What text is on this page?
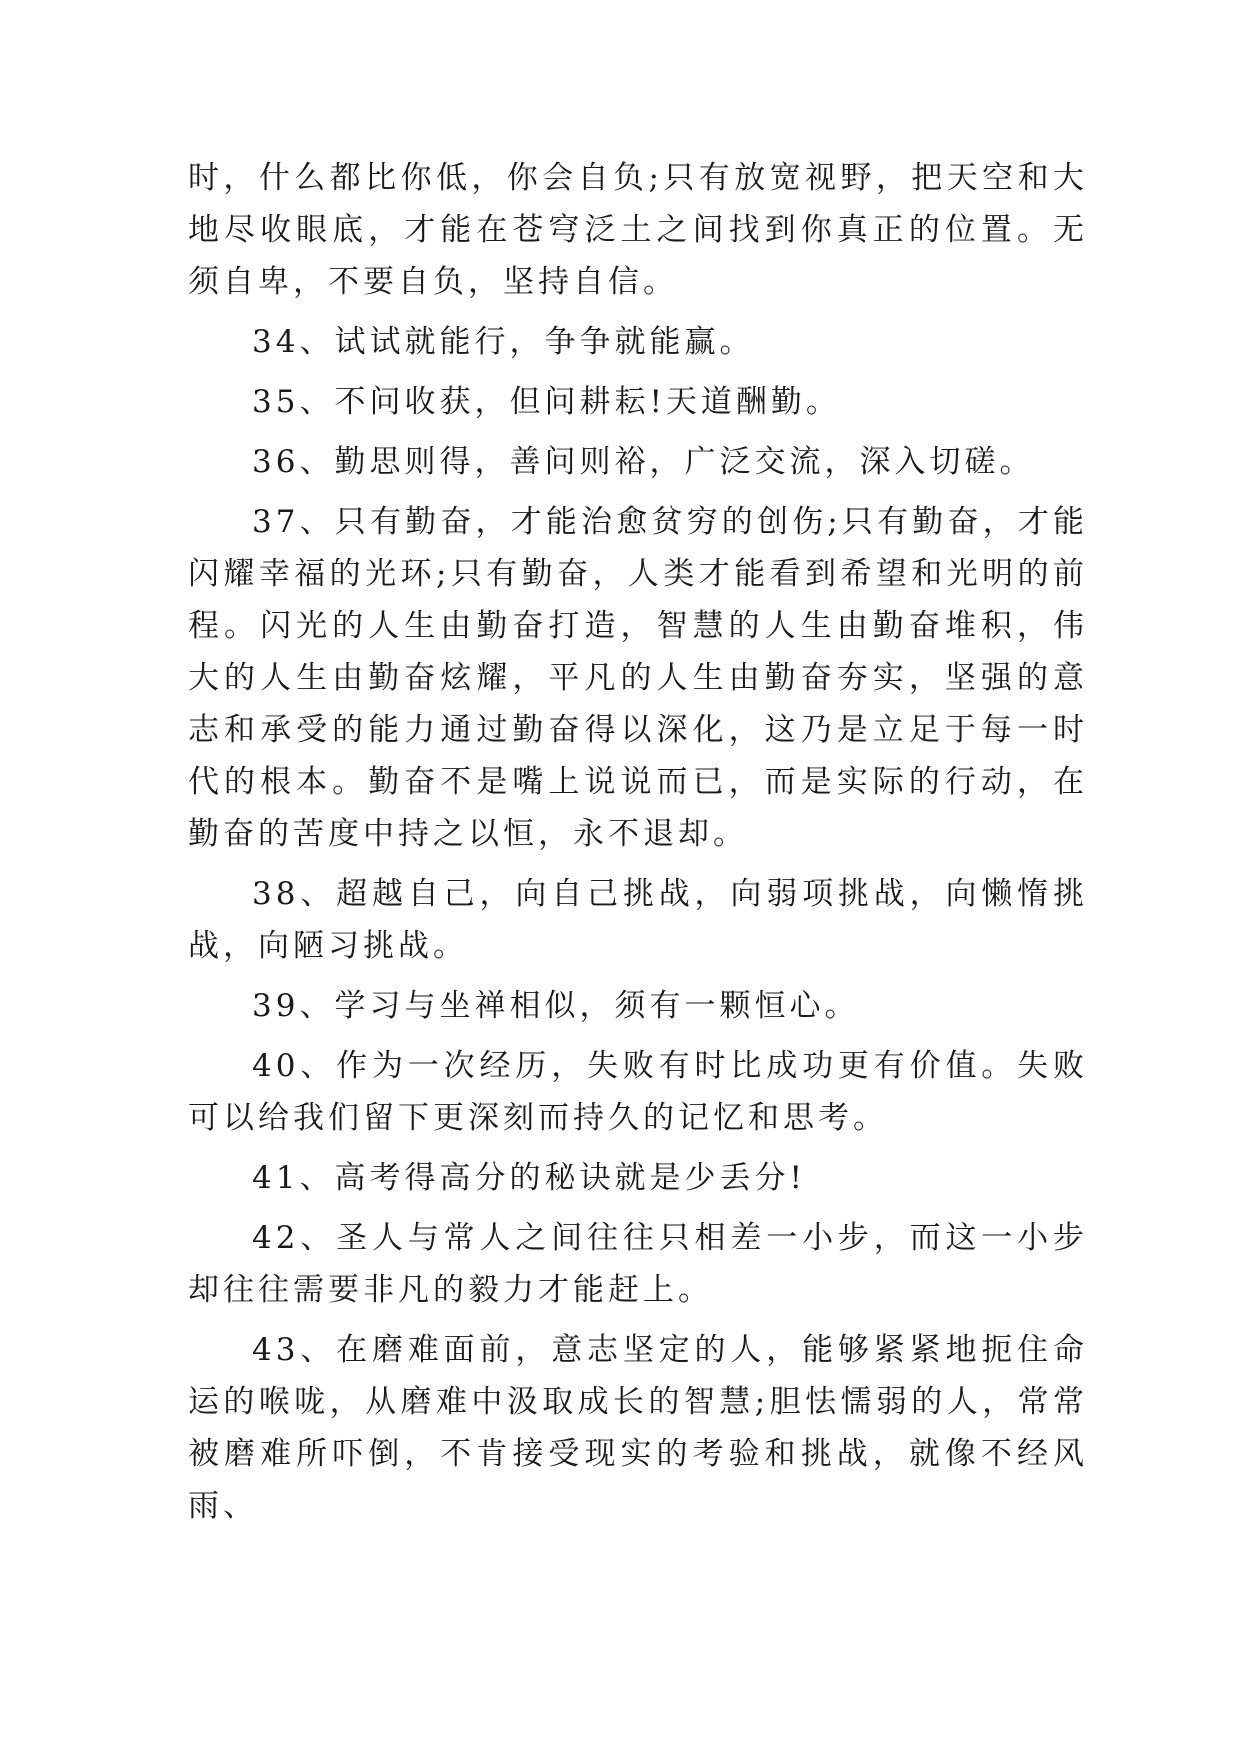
时，什么都比你低，你会自负;只有放宽视野，把天空和大地尽收眼底，才能在苍穹泛土之间找到你真正的位置。无须自卑，不要自负，坚持自信。

34、试试就能行，争争就能赢。

35、不问收获，但问耕耘!天道酬勤。

36、勤思则得，善问则裕，广泛交流，深入切磋。

37、只有勤奋，才能治愈贫穷的创伤;只有勤奋，才能闪耀幸福的光环;只有勤奋，人类才能看到希望和光明的前程。闪光的人生由勤奋打造，智慧的人生由勤奋堆积，伟大的人生由勤奋炫耀，平凡的人生由勤奋夯实，坚强的意志和承受的能力通过勤奋得以深化，这乃是立足于每一时代的根本。勤奋不是嘴上说说而已，而是实际的行动，在勤奋的苦度中持之以恒，永不退却。

38、超越自己，向自己挑战，向弱项挑战，向懒惰挑战，向陋习挑战。

39、学习与坐禅相似，须有一颗恒心。

40、作为一次经历，失败有时比成功更有价值。失败可以给我们留下更深刻而持久的记忆和思考。

41、高考得高分的秘诀就是少丢分!

42、圣人与常人之间往往只相差一小步，而这一小步却往往需要非凡的毅力才能赶上。

43、在磨难面前，意志坚定的人，能够紧紧地扼住命运的喉咙，从磨难中汲取成长的智慧;胆怯懦弱的人，常常被磨难所吓倒，不肯接受现实的考验和挑战，就像不经风雨、
